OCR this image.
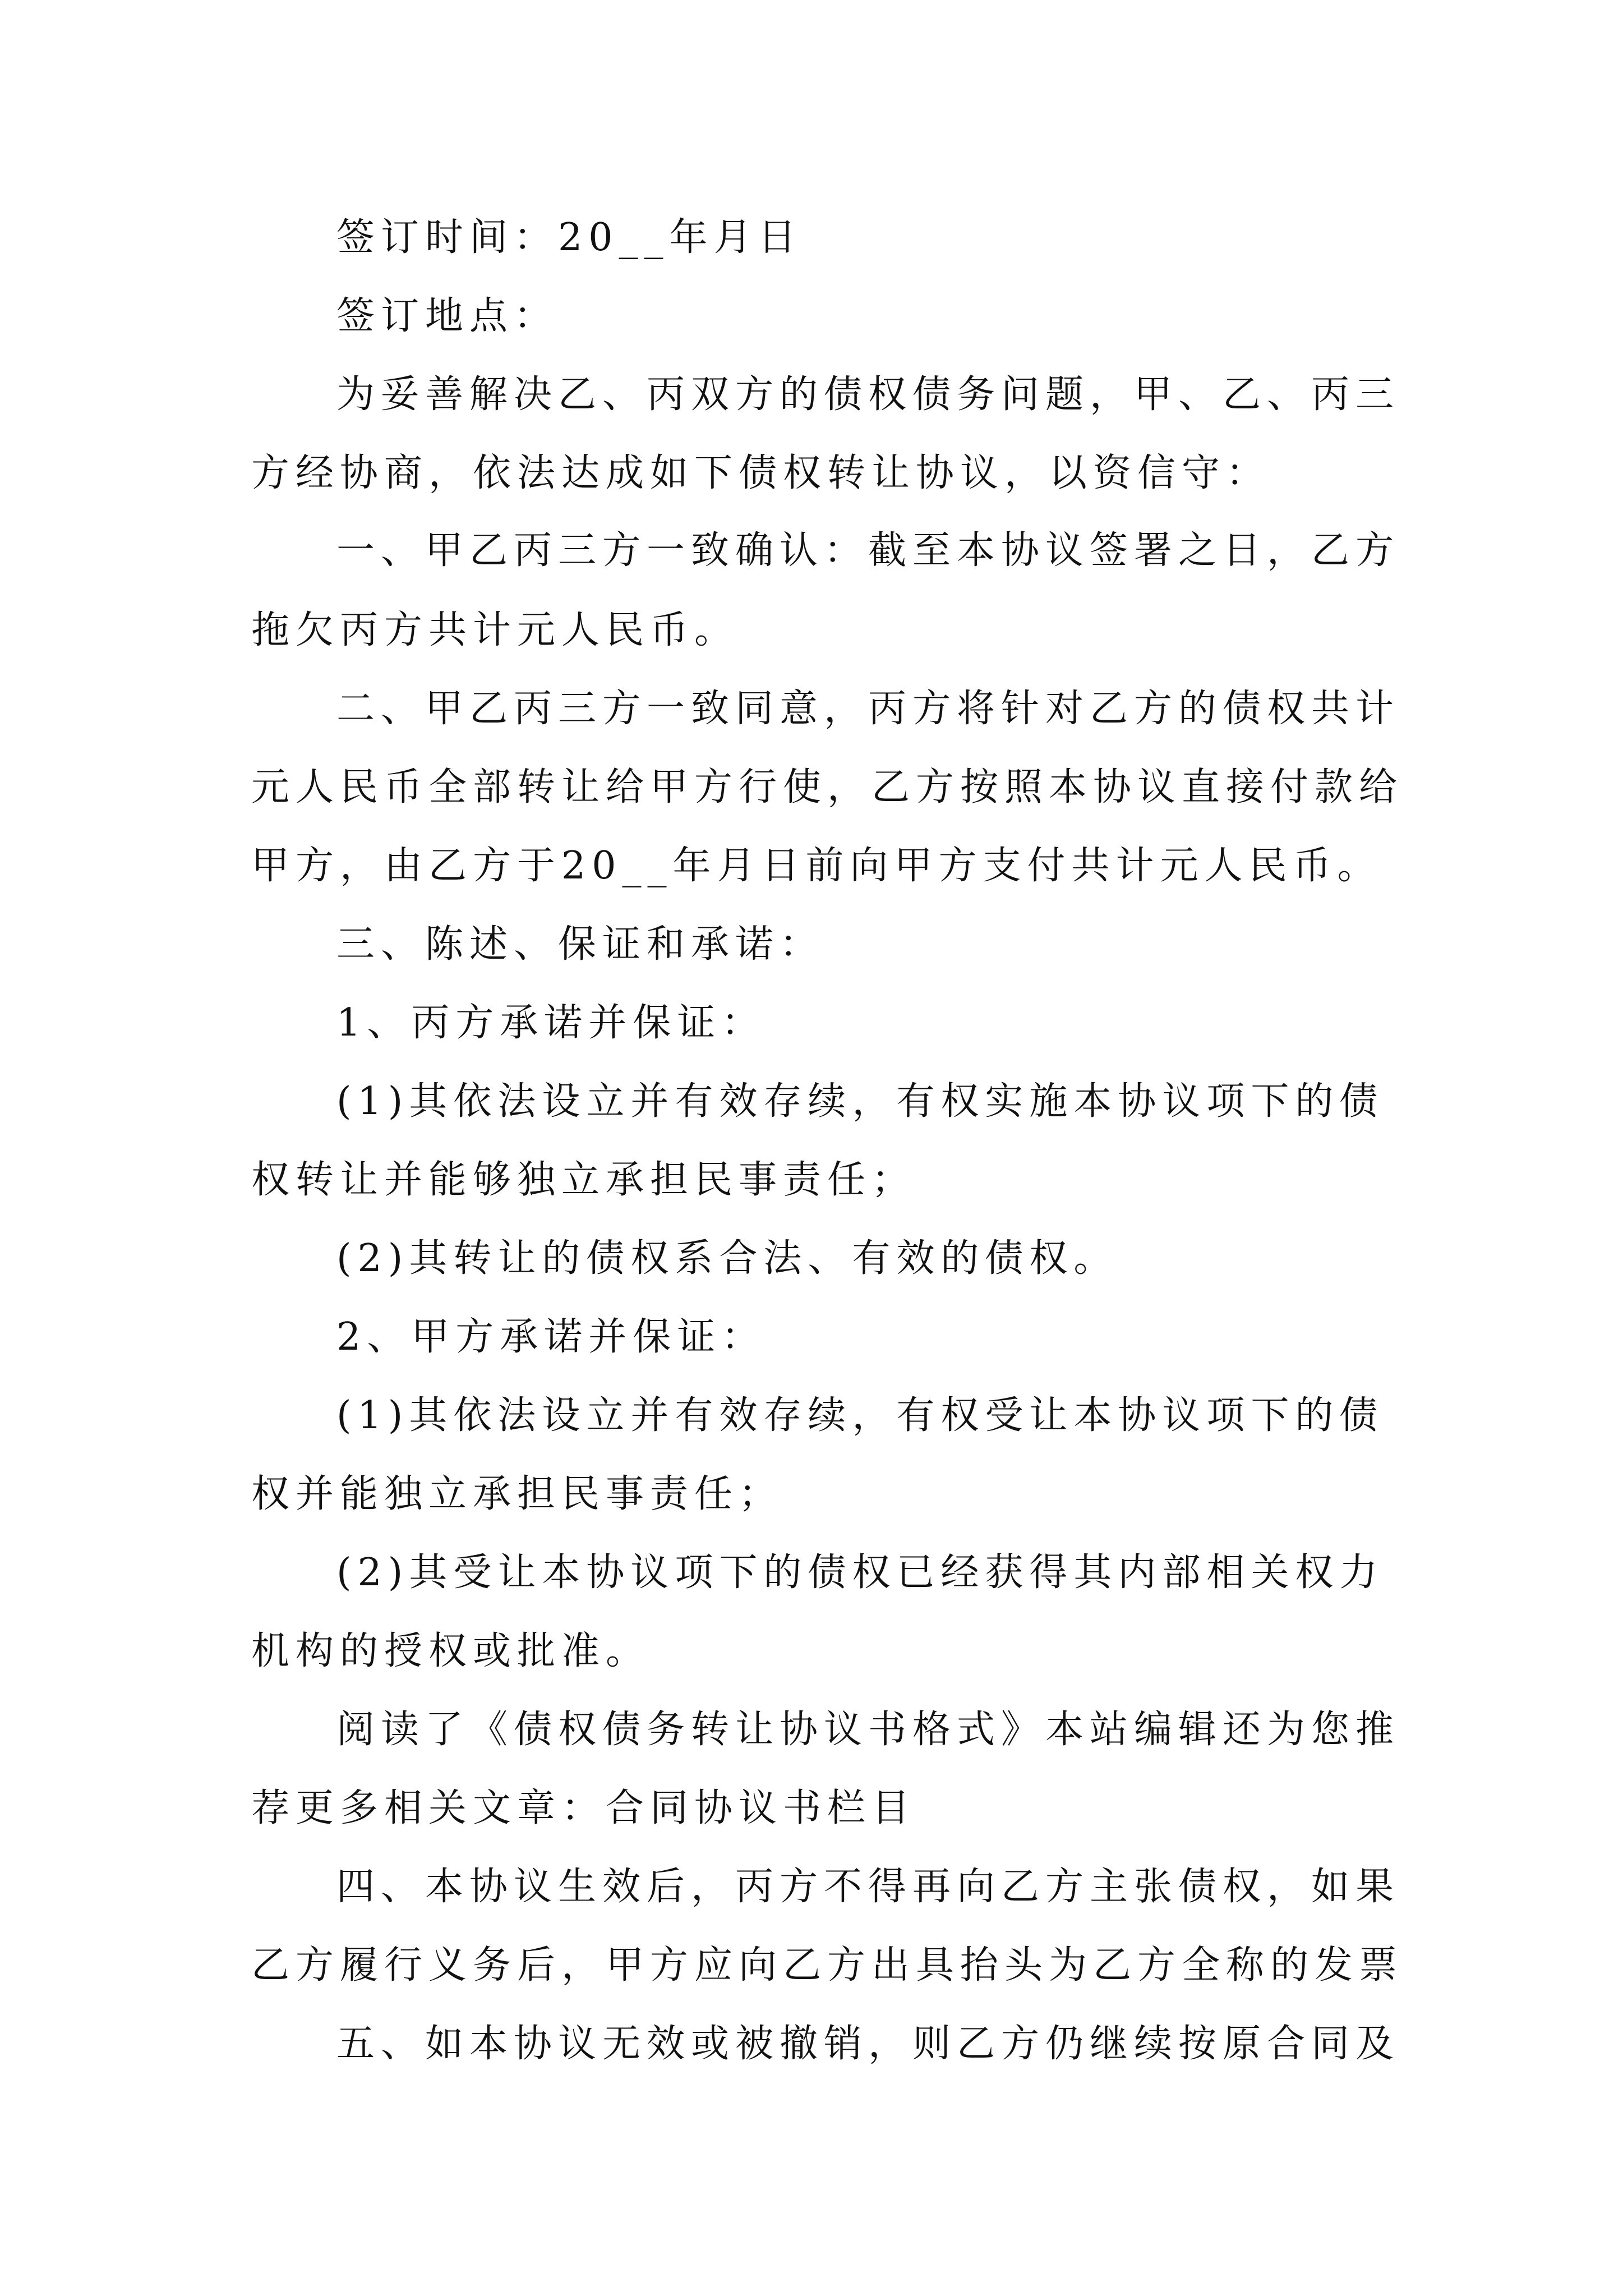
签订时间：20__年月日
签订地点：
为妥善解决乙、丙双方的债权债务问题，甲、乙、丙三
方经协商，依法达成如下债权转让协议，以资信守：
一、甲乙丙三方一致确认：截至本协议签署之日，乙方
拖欠丙方共计元人民币。
二、甲乙丙三方一致同意，丙方将针对乙方的债权共计
元人民币全部转让给甲方行使，乙方按照本协议直接付款给
甲方，由乙方于20__年月日前向甲方支付共计元人民币。
三、陈述、保证和承诺：
1、丙方承诺并保证：
(1)其依法设立并有效存续，有权实施本协议项下的债
权转让并能够独立承担民事责任；
(2)其转让的债权系合法、有效的债权。
2、甲方承诺并保证：
(1)其依法设立并有效存续，有权受让本协议项下的债
权并能独立承担民事责任；
(2)其受让本协议项下的债权已经获得其内部相关权力
机构的授权或批准。
阅读了《债权债务转让协议书格式》本站编辑还为您推
荐更多相关文章：合同协议书栏目
四、本协议生效后，丙方不得再向乙方主张债权，如果
乙方履行义务后，甲方应向乙方出具抬头为乙方全称的发票
五、如本协议无效或被撤销，则乙方仍继续按原合同及
